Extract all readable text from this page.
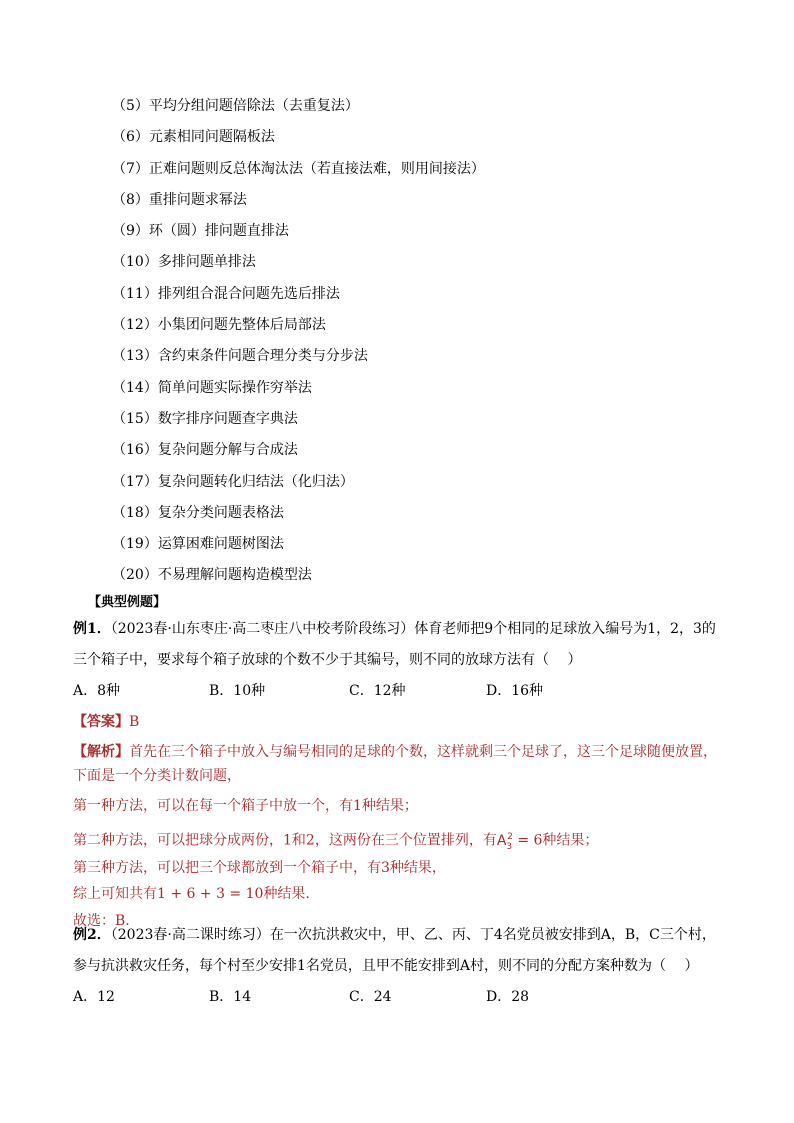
（5）平均分组问题倍除法（去重复法）
（6）元素相同问题隔板法
（7）正难问题则反总体淘汰法（若直接法难，则用间接法）
（8）重排问题求幂法
（9）环（圆）排问题直排法
（10）多排问题单排法
（11）排列组合混合问题先选后排法
（12）小集团问题先整体后局部法
（13）含约束条件问题合理分类与分步法
（14）简单问题实际操作穷举法
（15）数字排序问题查字典法
（16）复杂问题分解与合成法
（17）复杂问题转化归结法（化归法）
（18）复杂分类问题表格法
（19）运算困难问题树图法
（20）不易理解问题构造模型法
【典型例题】
例1．（2023春·山东枣庄·高二枣庄八中校考阶段练习）体育老师把9个相同的足球放入编号为1，2，3的
三个箱子中，要求每个箱子放球的个数不少于其编号，则不同的放球方法有（　 ）
A．8种	B．10种	C．12种	D．16种
【答案】B
【解析】首先在三个箱子中放入与编号相同的足球的个数，这样就剩三个足球了，这三个足球随便放置，
下面是一个分类计数问题，
第一种方法，可以在每一个箱子中放一个，有1种结果；
第二种方法，可以把球分成两份，1和2，这两份在三个位置排列，有$A_3^2 = 6$种结果；
第三种方法，可以把三个球都放到一个箱子中，有3种结果，
综上可知共有1 + 6 + 3 = 10种结果.
故选：B.
例2．（2023春·高二课时练习）在一次抗洪救灾中，甲、乙、丙、丁4名党员被安排到A，B，C三个村，
参与抗洪救灾任务，每个村至少安排1名党员，且甲不能安排到A村，则不同的分配方案种数为（　 ）
A．12	B．14	C．24	D．28
